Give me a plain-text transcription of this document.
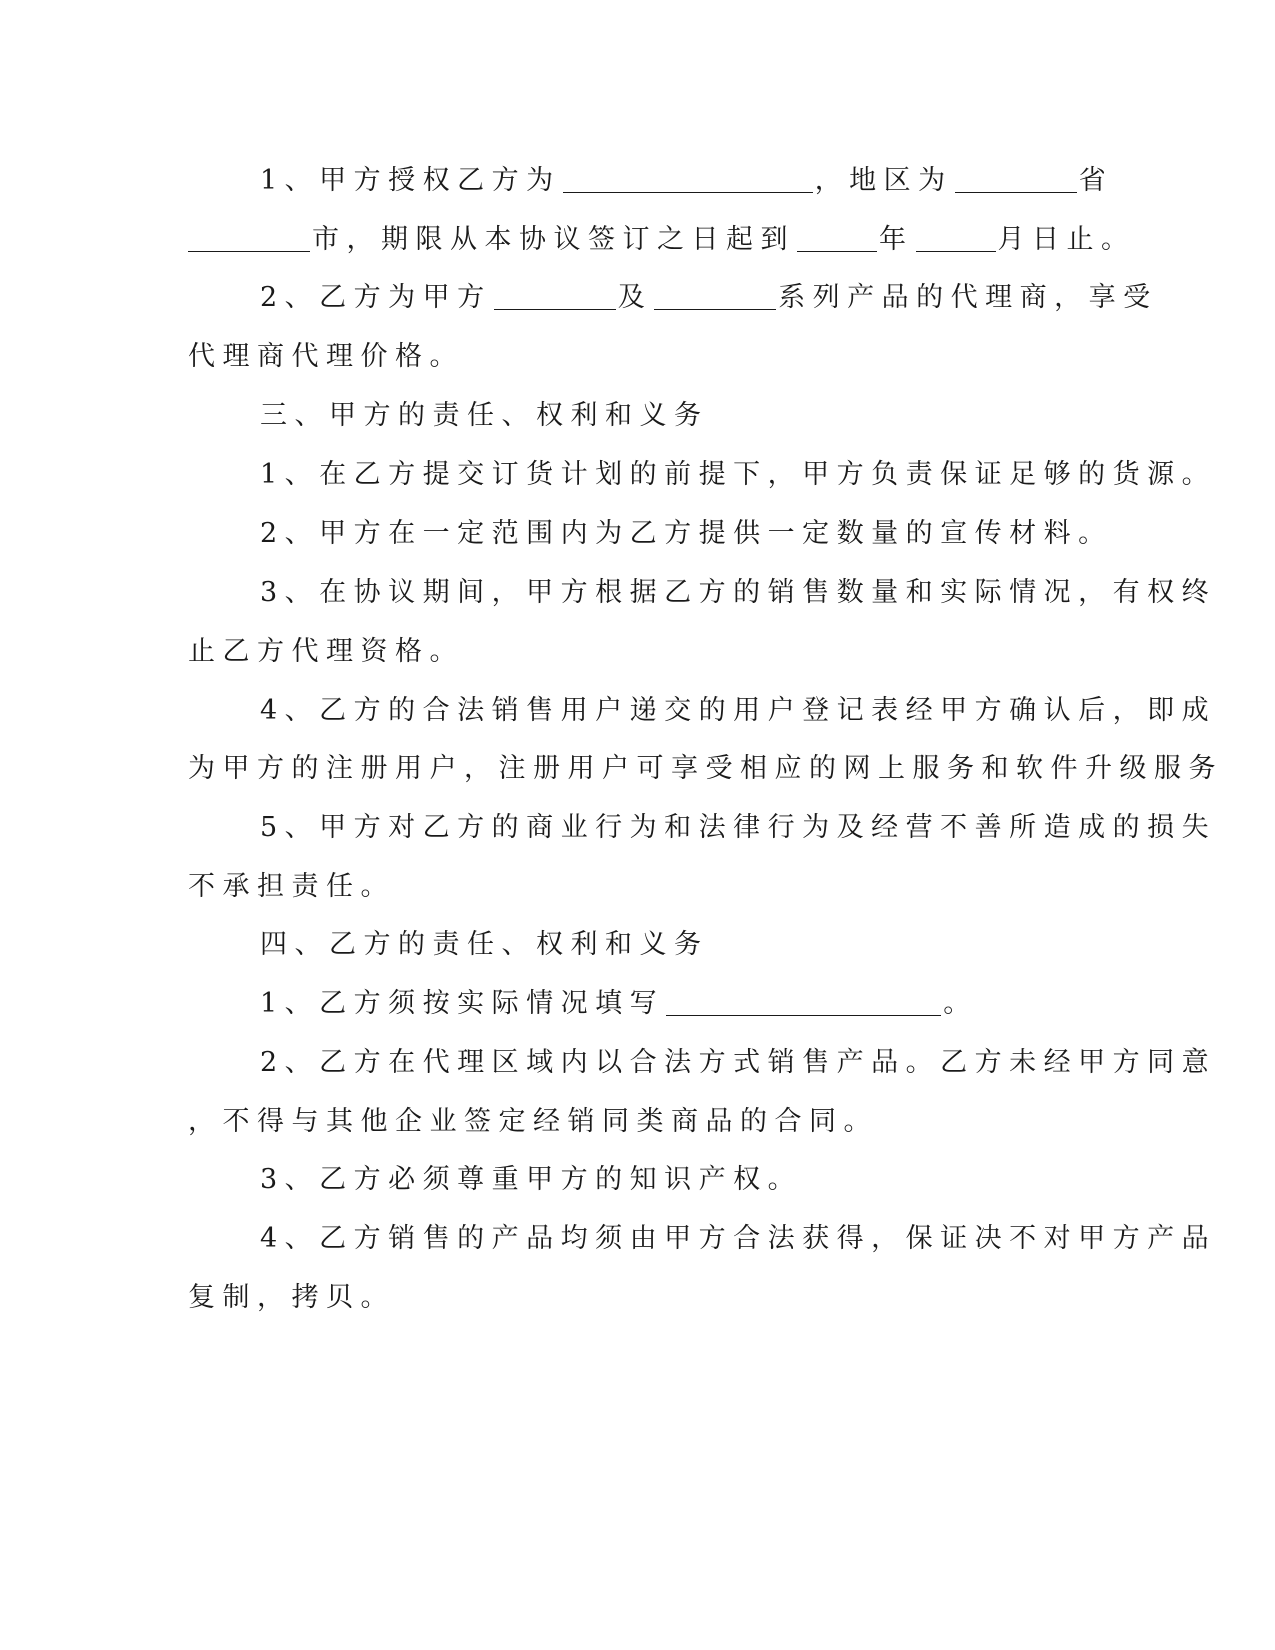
1、甲方授权乙方为	，地区为	省
市，期限从本协议签订之日起到	年	月日止。
2、乙方为甲方	及	系列产品的代理商，享受
代理商代理价格。
三、甲方的责任、权利和义务
1、在乙方提交订货计划的前提下，甲方负责保证足够的货源。
2、甲方在一定范围内为乙方提供一定数量的宣传材料。
3、在协议期间，甲方根据乙方的销售数量和实际情况，有权终
止乙方代理资格。
4、乙方的合法销售用户递交的用户登记表经甲方确认后，即成
为甲方的注册用户，注册用户可享受相应的网上服务和软件升级服务
5、甲方对乙方的商业行为和法律行为及经营不善所造成的损失
不承担责任。
四、乙方的责任、权利和义务
1、乙方须按实际情况填写	。
2、乙方在代理区域内以合法方式销售产品。乙方未经甲方同意
，不得与其他企业签定经销同类商品的合同。
3、乙方必须尊重甲方的知识产权。
4、乙方销售的产品均须由甲方合法获得，保证决不对甲方产品
复制，拷贝。
